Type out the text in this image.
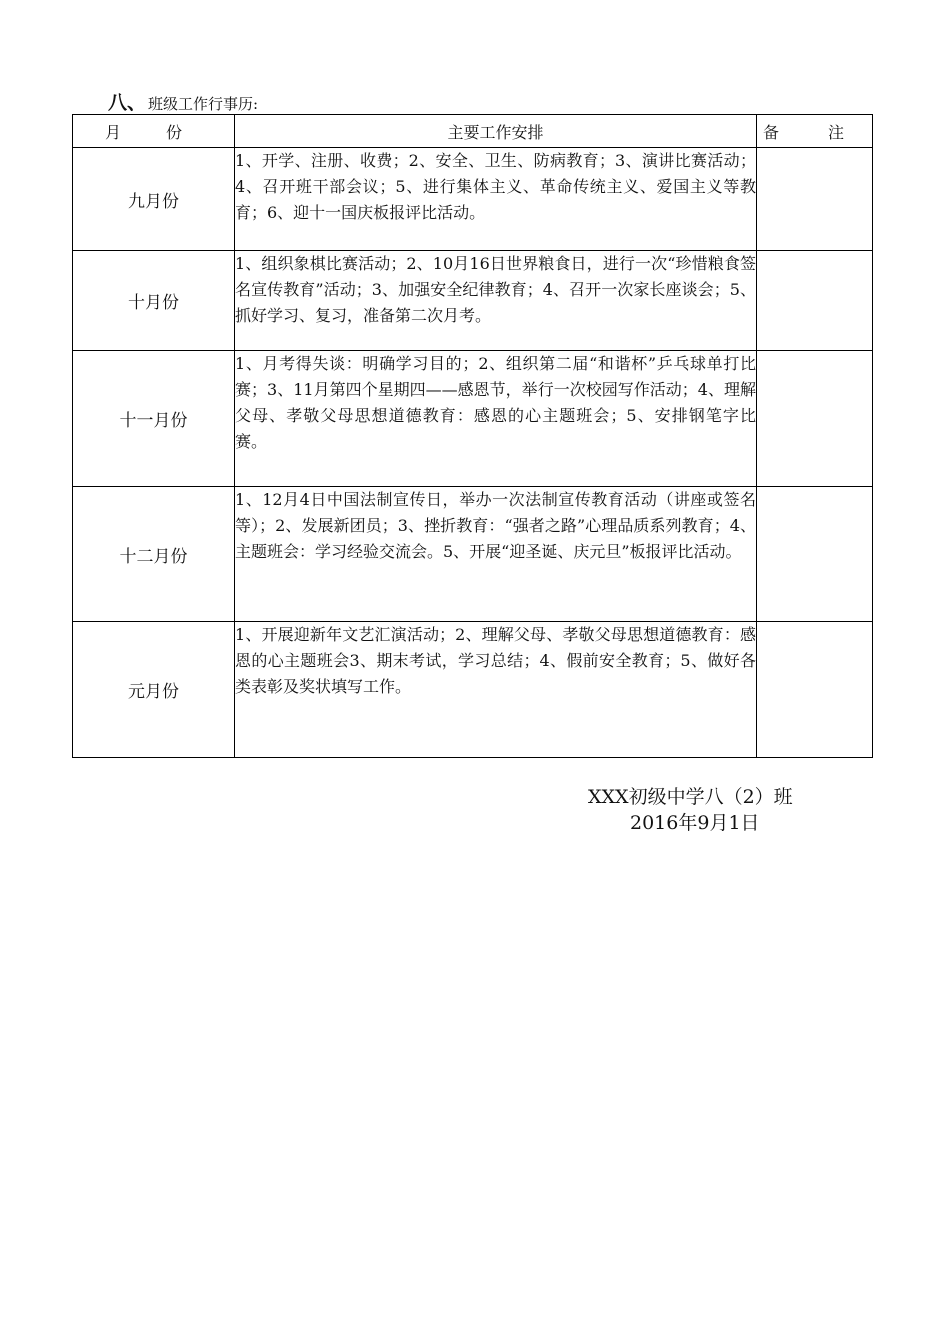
八、 班级工作行事历:
月 份	主要工作安排	备 注
九月份	1、开学、注册、收费；2、安全、卫生、防病教育；3、演讲比赛活动；4、召开班干部会议；5、进行集体主义、革命传统主义、爱国主义等教育；6、迎十一国庆板报评比活动。	
十月份	1、组织象棋比赛活动；2、10月16日世界粮食日，进行一次“珍惜粮食签名宣传教育”活动；3、加强安全纪律教育；4、召开一次家长座谈会；5、抓好学习、复习，准备第二次月考。	
十一月份	1、月考得失谈：明确学习目的；2、组织第二届“和谐杯”乒乓球单打比赛；3、11月第四个星期四——感恩节，举行一次校园写作活动；4、理解父母、孝敬父母思想道德教育：感恩的心主题班会；5、安排钢笔字比赛。	
十二月份	1、12月4日中国法制宣传日，举办一次法制宣传教育活动（讲座或签名等）；2、发展新团员；3、挫折教育：“强者之路”心理品质系列教育；4、主题班会：学习经验交流会。5、开展“迎圣诞、庆元旦”板报评比活动。	
元月份	1、开展迎新年文艺汇演活动；2、理解父母、孝敬父母思想道德教育：感恩的心主题班会3、期末考试，学习总结；4、假前安全教育；5、做好各类表彰及奖状填写工作。	
XXX初级中学八（2）班
2016年9月1日
